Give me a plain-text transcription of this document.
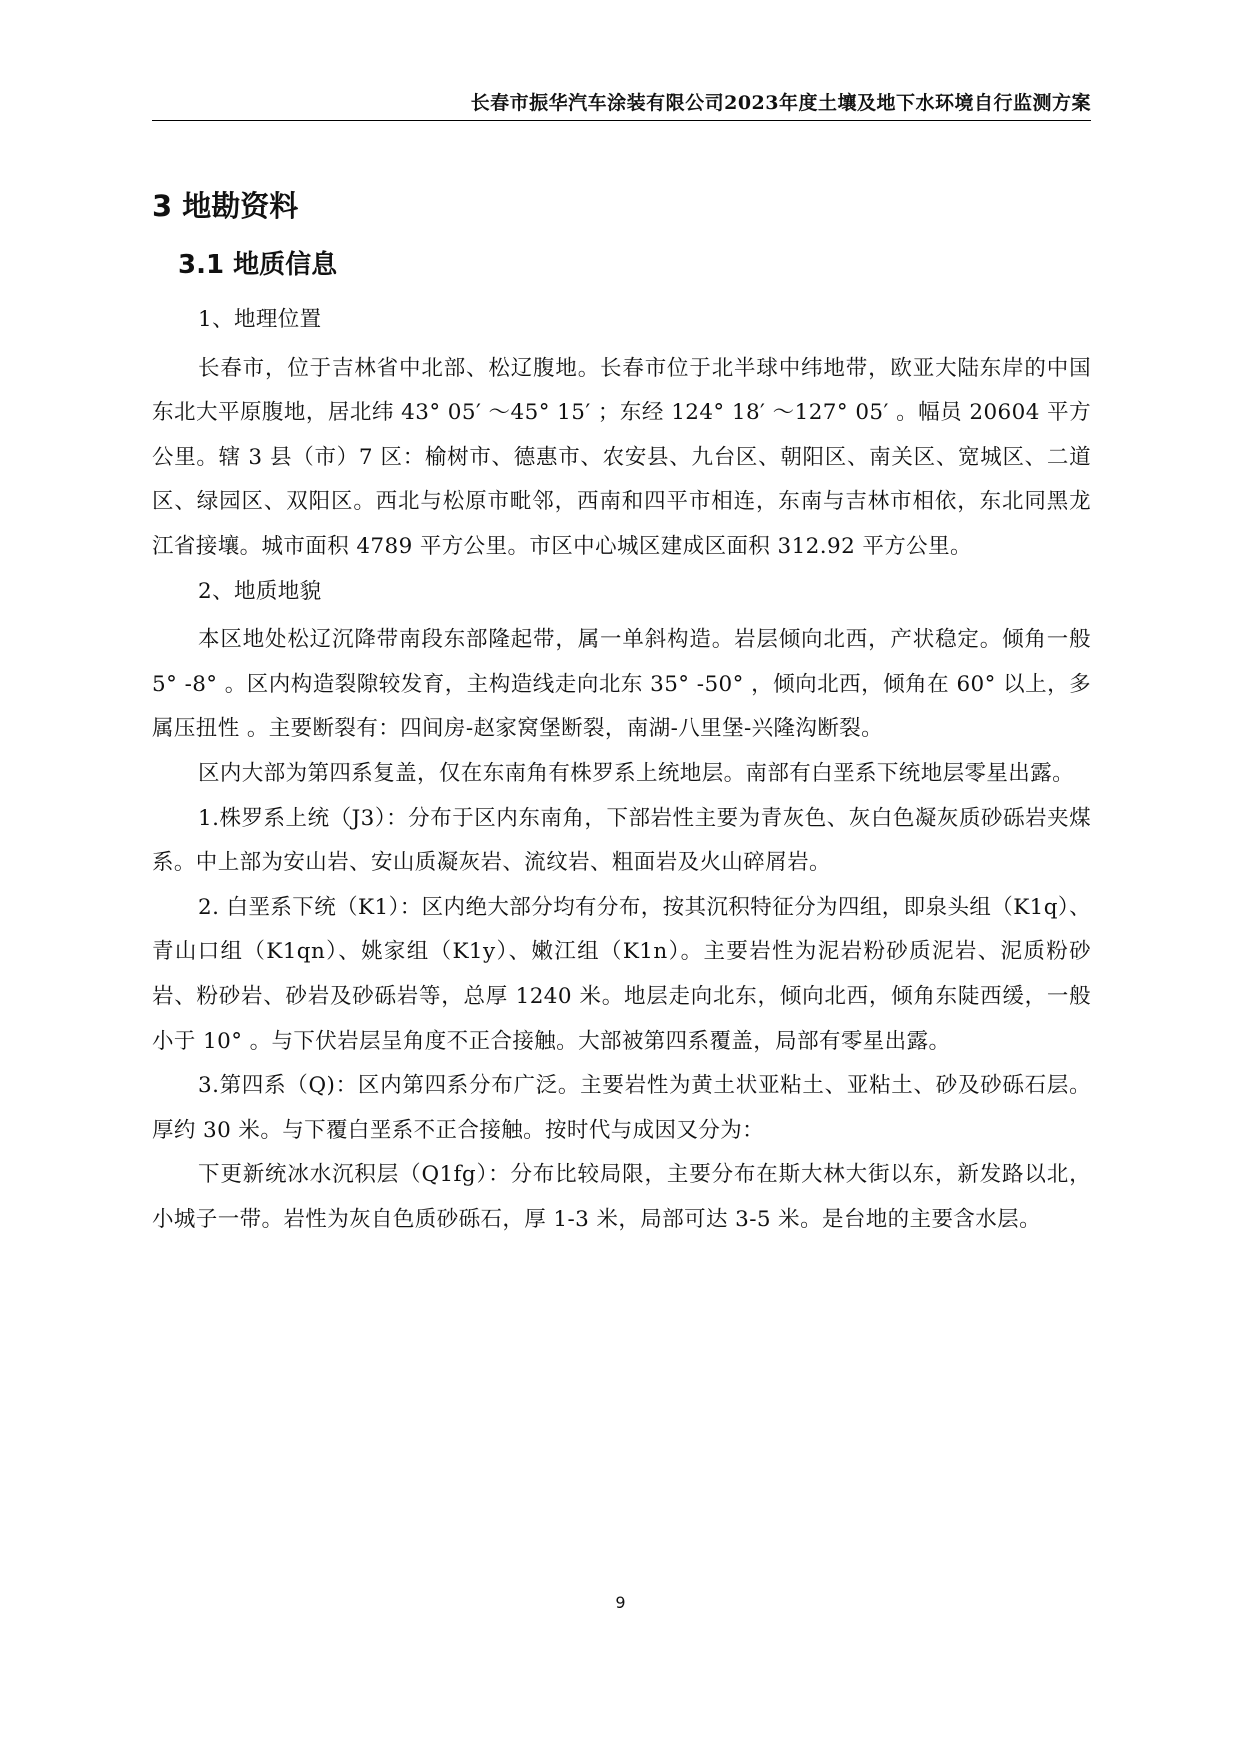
长春市振华汽车涂装有限公司2023年度土壤及地下水环境自行监测方案
3 地勘资料
3.1 地质信息

1、地理位置

长春市，位于吉林省中北部、松辽腹地。长春市位于北半球中纬地带，欧亚大陆东岸的中国东北大平原腹地，居北纬 43° 05′ ～45° 15′ ；东经 124° 18′ ～127° 05′ 。幅员 20604 平方公里。辖 3 县（市）7 区：榆树市、德惠市、农安县、九台区、朝阳区、南关区、宽城区、二道区、绿园区、双阳区。西北与松原市毗邻，西南和四平市相连，东南与吉林市相依，东北同黑龙江省接壤。城市面积 4789 平方公里。市区中心城区建成区面积 312.92 平方公里。

2、地质地貌

本区地处松辽沉降带南段东部隆起带，属一单斜构造。岩层倾向北西，产状稳定。倾角一般 5° -8° 。区内构造裂隙较发育，主构造线走向北东 35° -50° ，倾向北西，倾角在 60° 以上，多属压扭性 。主要断裂有：四间房-赵家窝堡断裂，南湖-八里堡-兴隆沟断裂。

区内大部为第四系复盖，仅在东南角有株罗系上统地层。南部有白垩系下统地层零星出露。

1.株罗系上统（J3）：分布于区内东南角，下部岩性主要为青灰色、灰白色凝灰质砂砾岩夹煤系。中上部为安山岩、安山质凝灰岩、流纹岩、粗面岩及火山碎屑岩。

2. 白垩系下统（K1）：区内绝大部分均有分布，按其沉积特征分为四组，即泉头组（K1q）、青山口组（K1qn）、姚家组（K1y）、嫩江组（K1n）。主要岩性为泥岩粉砂质泥岩、泥质粉砂岩、粉砂岩、砂岩及砂砾岩等，总厚 1240 米。地层走向北东，倾向北西，倾角东陡西缓，一般小于 10° 。与下伏岩层呈角度不正合接触。大部被第四系覆盖，局部有零星出露。

3.第四系（Q)：区内第四系分布广泛。主要岩性为黄土状亚粘土、亚粘土、砂及砂砾石层。厚约 30 米。与下覆白垩系不正合接触。按时代与成因又分为：

下更新统冰水沉积层（Q1fg）：分布比较局限，主要分布在斯大林大街以东，新发路以北，小城子一带。岩性为灰自色质砂砾石，厚 1-3 米，局部可达 3-5 米。是台地的主要含水层。

9
